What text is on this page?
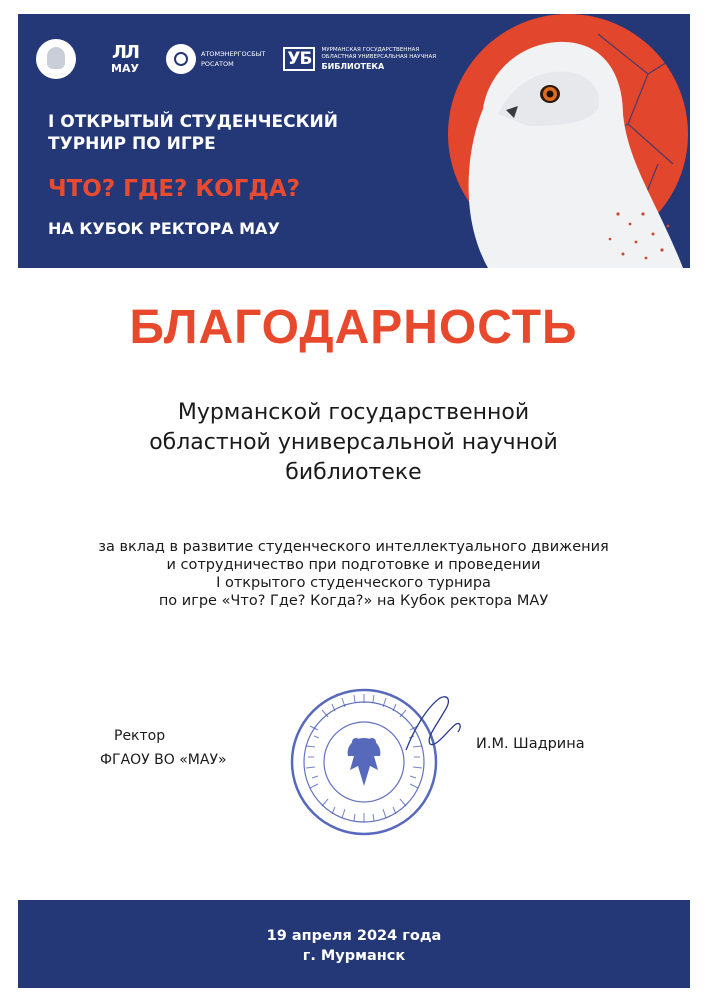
ЛЛ
МАУ
АТОМЭНЕРГОСБЫТ
РОСАТОМ	УБ	МУРМАНСКАЯ ГОСУДАРСТВЕННАЯ
ОБЛАСТНАЯ УНИВЕРСАЛЬНАЯ НАУЧНАЯ
БИБЛИОТЕКА
I ОТКРЫТЫЙ СТУДЕНЧЕСКИЙ
ТУРНИР ПО ИГРЕ
ЧТО? ГДЕ? КОГДА?
НА КУБОК РЕКТОРА МАУ
БЛАГОДАРНОСТЬ
Мурманской государственной
областной универсальной научной
библиотеке
за вклад в развитие студенческого интеллектуального движения
и сотрудничество при подготовке и проведении
I открытого студенческого турнира
по игре «Что? Где? Когда?» на Кубок ректора МАУ
Ректор
ФГАОУ ВО «МАУ»
И.М. Шадрина
19 апреля 2024 года
г. Мурманск
